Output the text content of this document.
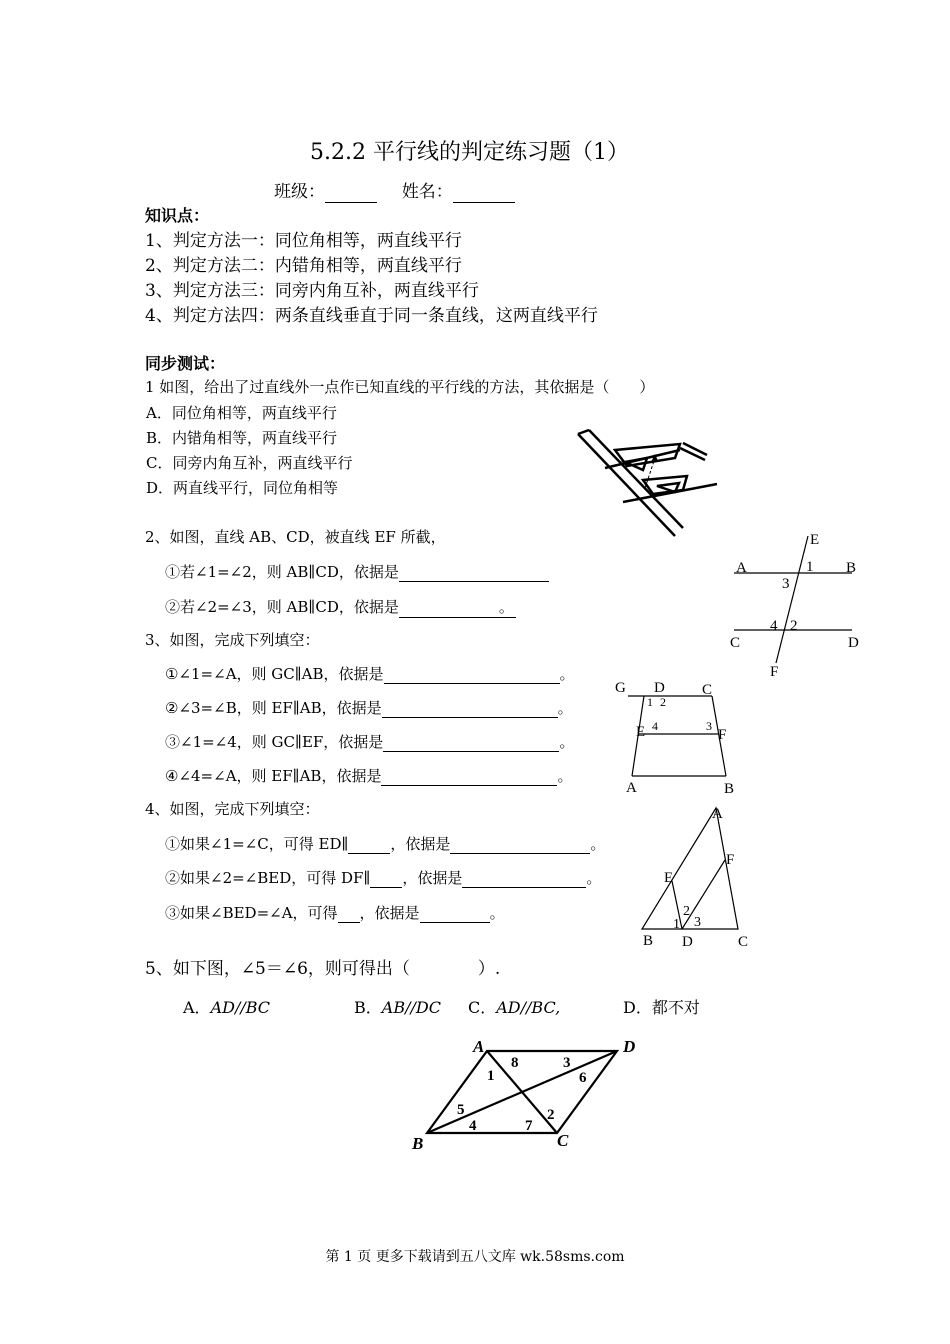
5.2.2 平行线的判定练习题（1）
班级：	姓名：
知识点：
1、判定方法一：同位角相等，两直线平行
2、判定方法二：内错角相等，两直线平行
3、判定方法三：同旁内角互补，两直线平行
4、判定方法四：两条直线垂直于同一条直线，这两直线平行
同步测试：
1 如图，给出了过直线外一点作已知直线的平行线的方法，其依据是（　　）
A．同位角相等，两直线平行
B．内错角相等，两直线平行
C．同旁内角互补，两直线平行
D．两直线平行，同位角相等
2、如图，直线 AB、CD，被直线 EF 所截，
①若∠1=∠2，则 AB∥CD，依据是
②若∠2=∠3，则 AB∥CD，依据是	。
E
A	1 B
3
4 2
C	D
F
3、如图，完成下列填空：
①∠1=∠A，则 GC∥AB，依据是	。
②∠3=∠B，则 EF∥AB，依据是	。
③∠1=∠4，则 GC∥EF，依据是	。
④∠4=∠A，则 EF∥AB，依据是	。
G D C
E	F
A	B
1 2
4	3
4、如图，完成下列填空：
①如果∠1=∠C，可得 ED∥	，依据是	。
②如果∠2=∠BED，可得 DF∥ ，依据是	。
③如果∠BED=∠A，可得 ，依据是	。
A
F
E
B D	C
2
1 3
5、如下图，∠5＝∠6，则可得出（　　　　）.
A．AD//BC	B．AB//DC C．AD//BC,	D．都不对
A	D
B	C
1
8	3
6
5
4	7
2
第 1 页 更多下载请到五八文库 wk.58sms.com
